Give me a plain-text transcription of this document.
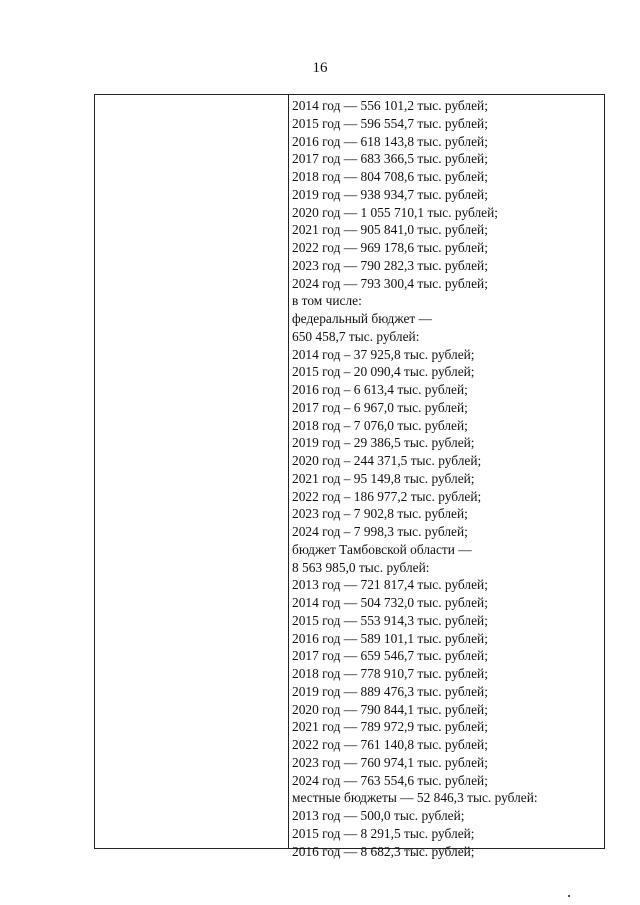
16
2014 год — 556 101,2 тыс. рублей;
2015 год — 596 554,7 тыс. рублей;
2016 год — 618 143,8 тыс. рублей;
2017 год — 683 366,5 тыс. рублей;
2018 год — 804 708,6 тыс. рублей;
2019 год — 938 934,7 тыс. рублей;
2020 год — 1 055 710,1 тыс. рублей;
2021 год — 905 841,0 тыс. рублей;
2022 год — 969 178,6 тыс. рублей;
2023 год — 790 282,3 тыс. рублей;
2024 год — 793 300,4 тыс. рублей;
в том числе:
федеральный бюджет —
650 458,7 тыс. рублей:
2014 год – 37 925,8 тыс. рублей;
2015 год – 20 090,4 тыс. рублей;
2016 год – 6 613,4 тыс. рублей;
2017 год – 6 967,0 тыс. рублей;
2018 год – 7 076,0 тыс. рублей;
2019 год – 29 386,5 тыс. рублей;
2020 год – 244 371,5 тыс. рублей;
2021 год – 95 149,8 тыс. рублей;
2022 год – 186 977,2 тыс. рублей;
2023 год – 7 902,8 тыс. рублей;
2024 год – 7 998,3 тыс. рублей;
бюджет Тамбовской области —
8 563 985,0 тыс. рублей:
2013 год — 721 817,4 тыс. рублей;
2014 год — 504 732,0 тыс. рублей;
2015 год — 553 914,3 тыс. рублей;
2016 год — 589 101,1 тыс. рублей;
2017 год — 659 546,7 тыс. рублей;
2018 год — 778 910,7 тыс. рублей;
2019 год — 889 476,3 тыс. рублей;
2020 год — 790 844,1 тыс. рублей;
2021 год — 789 972,9 тыс. рублей;
2022 год — 761 140,8 тыс. рублей;
2023 год — 760 974,1 тыс. рублей;
2024 год — 763 554,6 тыс. рублей;
местные бюджеты — 52 846,3 тыс. рублей:
2013 год — 500,0 тыс. рублей;
2015 год — 8 291,5 тыс. рублей;
2016 год — 8 682,3 тыс. рублей;
